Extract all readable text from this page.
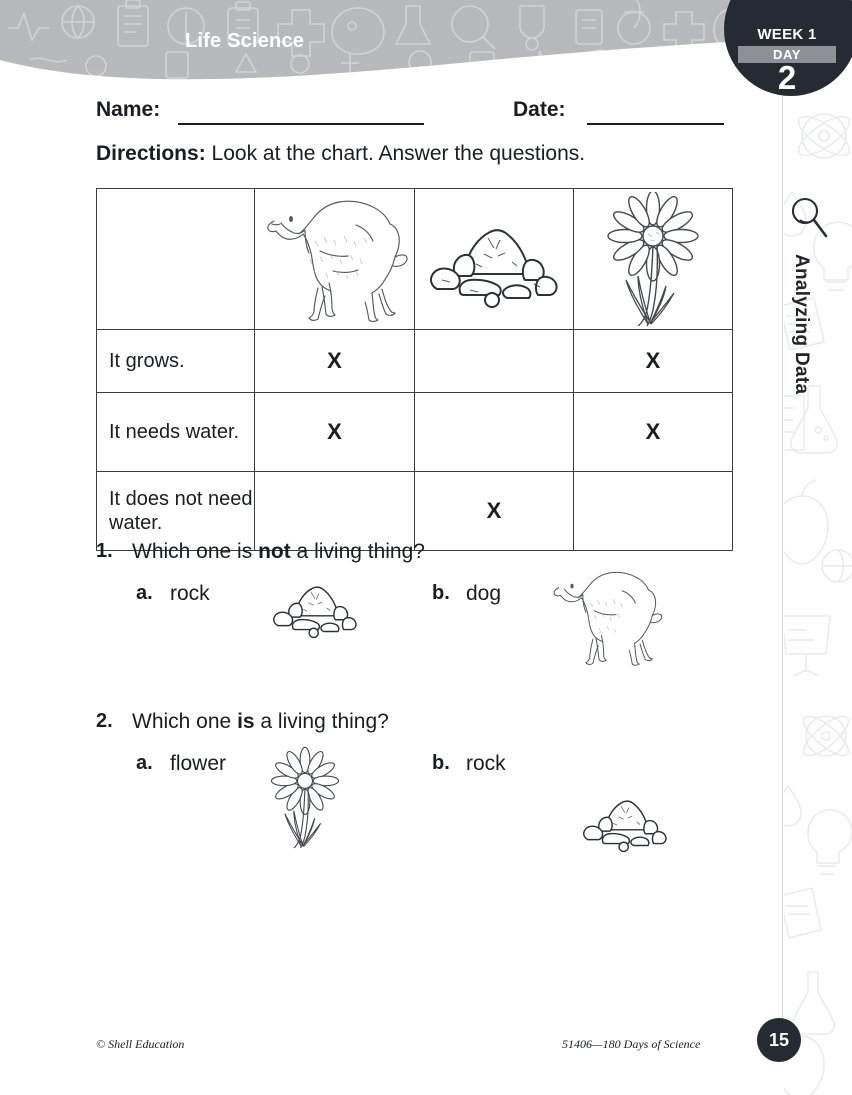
Life Science	WEEK 1
DAY
2
Analyzing Data
Name:	Date:
Directions: Look at the chart. Answer the questions.

It grows.	X		X
It needs water.	X		X
It does not need water.		X	
1. Which one is not a living thing?
a. rock	b. dog
2. Which one is a living thing?
a. flower	b. rock
© Shell Education	51406—180 Days of Science	15
